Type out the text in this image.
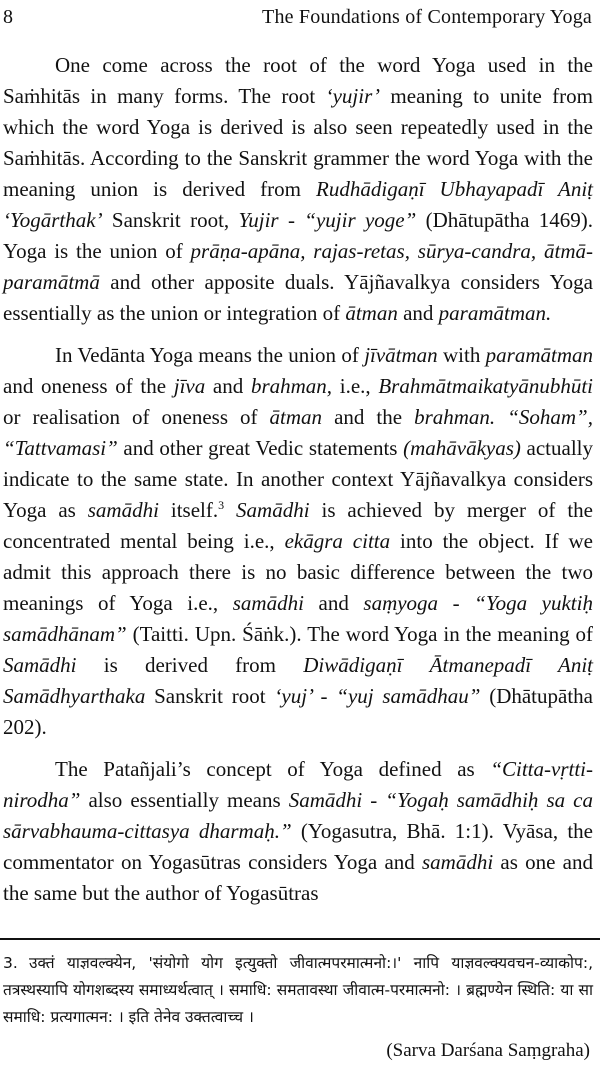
8	The Foundations of Contemporary Yoga

One come across the root of the word Yoga used in the Saṁhitās in many forms. The root ‘yujir’ meaning to unite from which the word Yoga is derived is also seen repeatedly used in the Saṁhitās. According to the Sanskrit grammer the word Yoga with the meaning union is derived from Rudhādigaṇī Ubhayapadī Aniṭ ‘Yogārthak’ Sanskrit root, Yujir - “yujir yoge” (Dhātupātha 1469). Yoga is the union of prāṇa-apāna, rajas-retas, sūrya-candra, ātmā-paramātmā and other apposite duals. Yājñavalkya considers Yoga essentially as the union or integration of ātman and paramātman.

In Vedānta Yoga means the union of jīvātman with paramātman and oneness of the jīva and brahman, i.e., Brahmātmaikatyānubhūti or realisation of oneness of ātman and the brahman. “Soham”, “Tattvamasi” and other great Vedic statements (mahāvākyas) actually indicate to the same state. In another context Yājñavalkya considers Yoga as samādhi itself.$^3$ Samādhi is achieved by merger of the concentrated mental being i.e., ekāgra citta into the object. If we admit this approach there is no basic difference between the two meanings of Yoga i.e., samādhi and saṃyoga - “Yoga yuktiḥ samādhānam” (Taitti. Upn. Śāṅk.). The word Yoga in the meaning of Samādhi is derived from Diwādigaṇī Ātmanepadī Aniṭ Samādhyarthaka Sanskrit root ‘yuj’ - “yuj samādhau” (Dhātupātha 202).

The Patañjali’s concept of Yoga defined as “Citta-vṛtti-nirodha” also essentially means Samādhi - “Yogaḥ samādhiḥ sa ca sārvabhauma-cittasya dharmaḥ.” (Yogasutra, Bhā. 1:1). Vyāsa, the commentator on Yogasūtras considers Yoga and samādhi as one and the same but the author of Yogasūtras

3. उक्तं याज्ञवल्क्येन, 'संयोगो योग इत्युक्तो जीवात्मपरमात्मनो:।' नापि याज्ञवल्क्यवचन-व्याकोप:, तत्रस्थस्यापि योगशब्दस्य समाध्यर्थत्वात् । समाधि: समतावस्था जीवात्म-परमात्मनो: । ब्रह्मण्येन स्थिति: या सा समाधि: प्रत्यगात्मन: । इति तेनेव उक्तत्वाच्च ।
(Sarva Darśana Saṃgraha)
